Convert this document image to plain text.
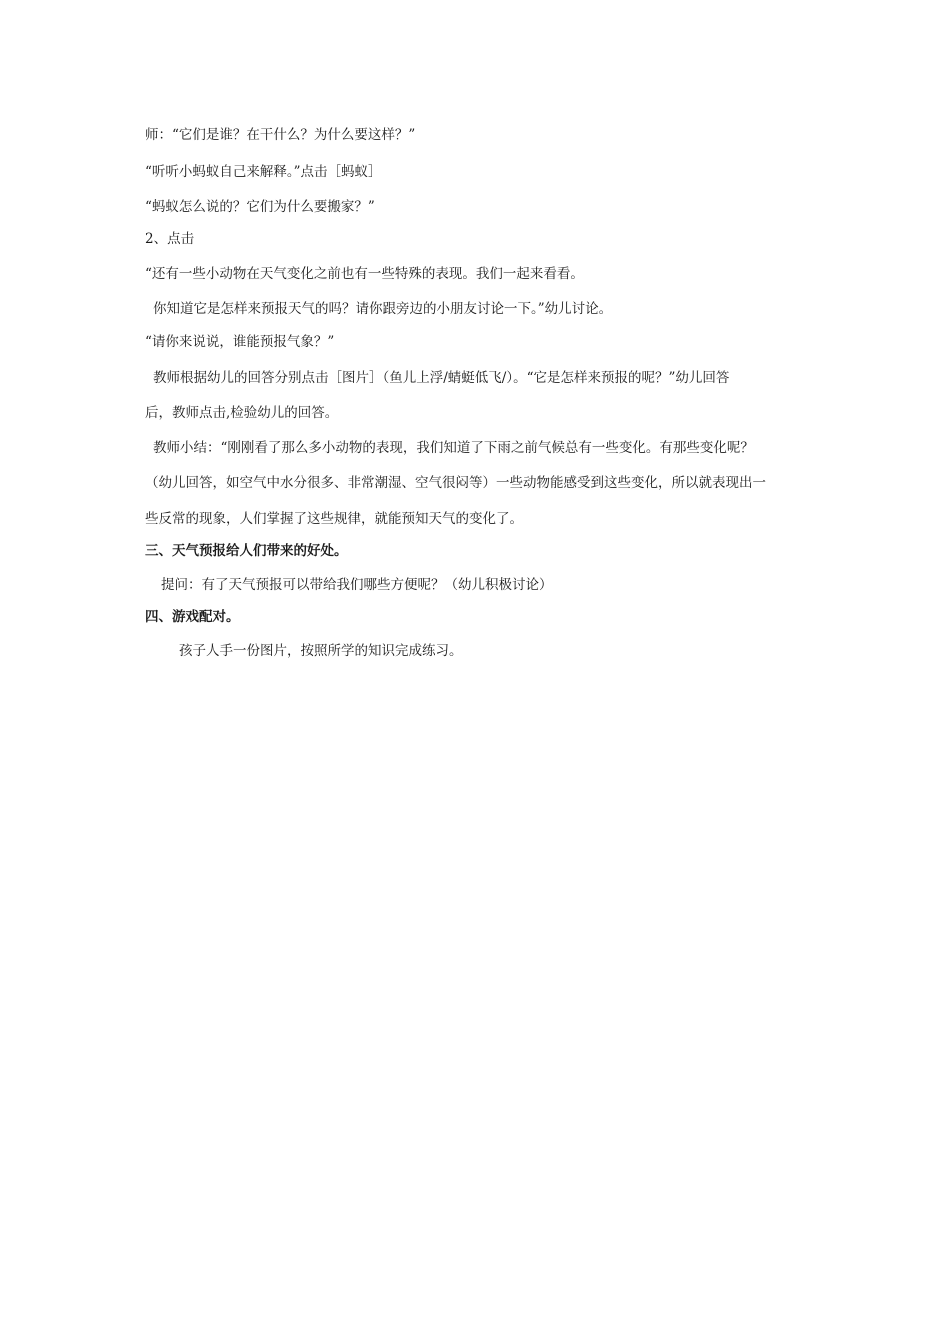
师：“它们是谁？在干什么？为什么要这样？”

“听听小蚂蚁自己来解释。”点击［蚂蚁］

“蚂蚁怎么说的？它们为什么要搬家？”

2、点击

“还有一些小动物在天气变化之前也有一些特殊的表现。我们一起来看看。

你知道它是怎样来预报天气的吗？请你跟旁边的小朋友讨论一下。”幼儿讨论。

“请你来说说，谁能预报气象？”

教师根据幼儿的回答分别点击［图片］（鱼儿上浮/蜻蜓低飞/）。“它是怎样来预报的呢？”幼儿回答

后，教师点击,检验幼儿的回答。

教师小结：“刚刚看了那么多小动物的表现，我们知道了下雨之前气候总有一些变化。有那些变化呢？

（幼儿回答，如空气中水分很多、非常潮湿、空气很闷等）一些动物能感受到这些变化，所以就表现出一

些反常的现象，人们掌握了这些规律，就能预知天气的变化了。

三、天气预报给人们带来的好处。

提问：有了天气预报可以带给我们哪些方便呢？（幼儿积极讨论）

四、游戏配对。

孩子人手一份图片，按照所学的知识完成练习。
